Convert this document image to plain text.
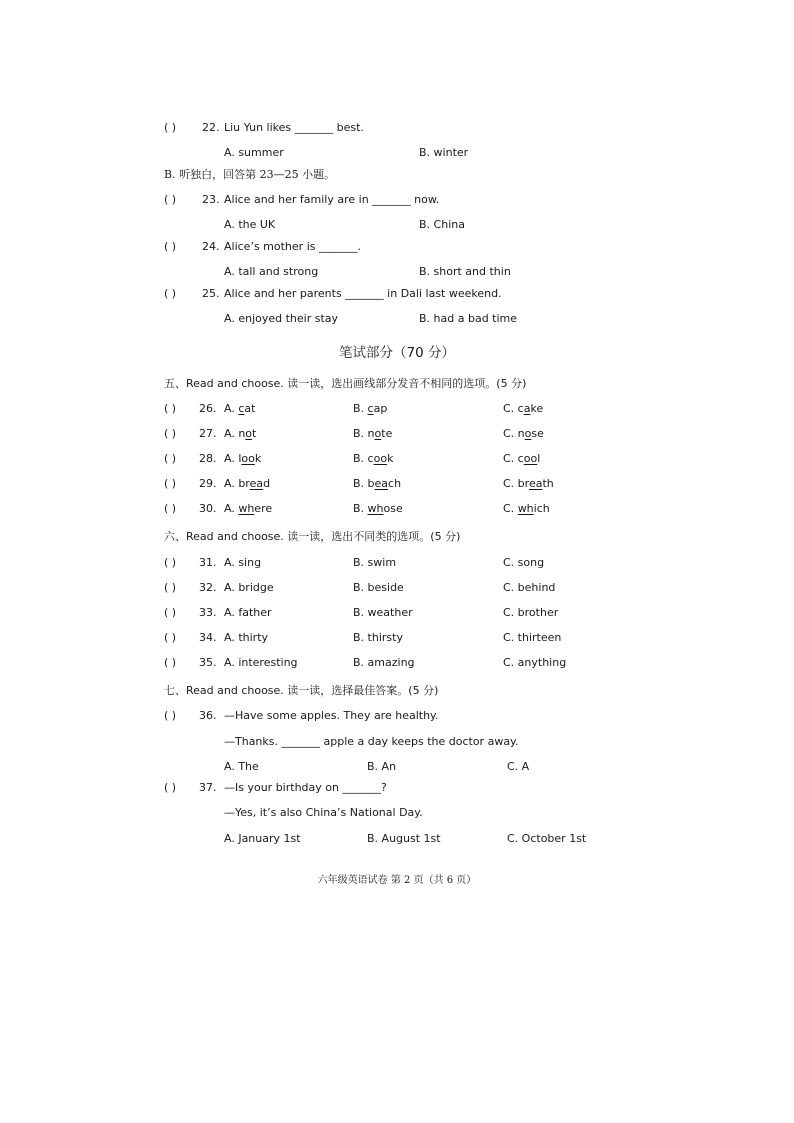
( ) 22. Liu Yun likes _______ best.
A. summer	B. winter
B. 听独白，回答第 23—25 小题。
( ) 23. Alice and her family are in _______ now.
A. the UK	B. China
( ) 24. Alice’s mother is _______.
A. tall and strong	B. short and thin
( ) 25. Alice and her parents _______ in Dali last weekend.
A. enjoyed their stay	B. had a bad time
笔试部分（70 分）
五、Read and choose. 读一读，选出画线部分发音不相同的选项。(5 分)
( ) 26. A. cat	B. cap	C. cake
( ) 27. A. not	B. note	C. nose
( ) 28. A. look	B. cook	C. cool
( ) 29. A. bread	B. beach	C. breath
( ) 30. A. where	B. whose	C. which
六、Read and choose. 读一读，选出不同类的选项。(5 分)
( ) 31. A. sing	B. swim	C. song
( ) 32. A. bridge	B. beside	C. behind
( ) 33. A. father	B. weather	C. brother
( ) 34. A. thirty	B. thirsty	C. thirteen
( ) 35. A. interesting	B. amazing	C. anything
七、Read and choose. 读一读，选择最佳答案。(5 分)
( ) 36. —Have some apples. They are healthy.
—Thanks. _______ apple a day keeps the doctor away.
A. The	B. An	C. A
( ) 37. —Is your birthday on _______?
—Yes, it’s also China’s National Day.
A. January 1st	B. August 1st	C. October 1st
六年级英语试卷 第 2 页（共 6 页）
